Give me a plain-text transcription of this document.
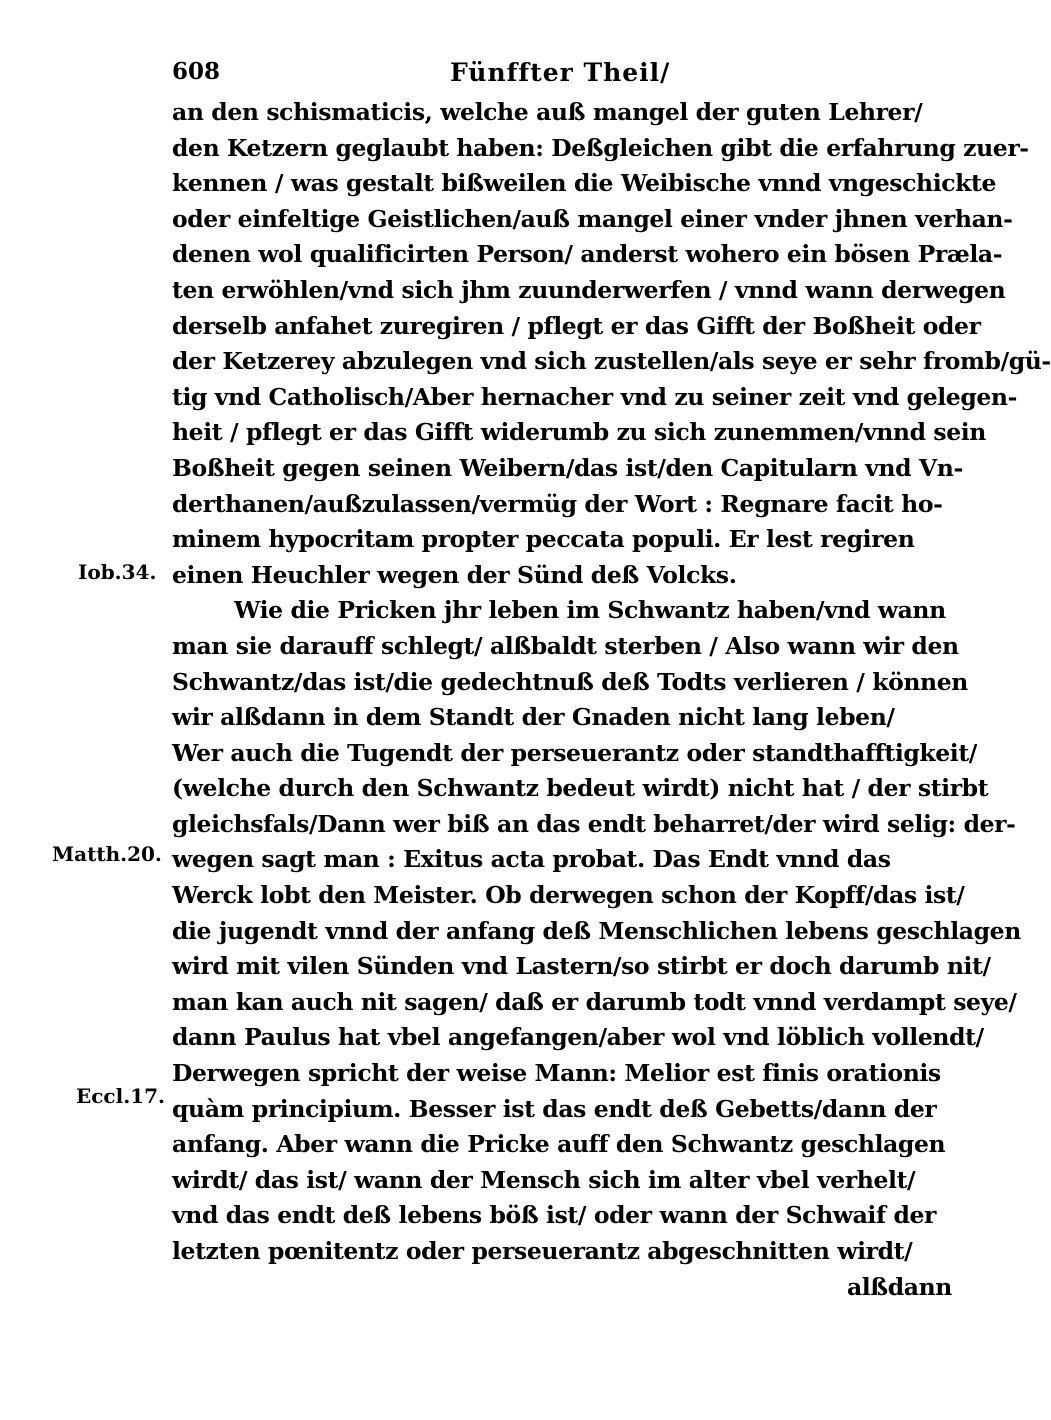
608	Fünffter Theil/
an den schismaticis, welche auß mangel der guten Lehrer/
den Ketzern geglaubt haben: Deßgleichen gibt die erfahrung zuer-
kennen / was gestalt bißweilen die Weibische vnnd vngeschickte
oder einfeltige Geistlichen/auß mangel einer vnder jhnen verhan-
denen wol qualificirten Person/ anderst wohero ein bösen Præla-
ten erwöhlen/vnd sich jhm zuunderwerfen / vnnd wann derwegen
derselb anfahet zuregiren / pflegt er das Gifft der Boßheit oder
der Ketzerey abzulegen vnd sich zustellen/als seye er sehr fromb/gü-
tig vnd Catholisch/Aber hernacher vnd zu seiner zeit vnd gelegen-
heit / pflegt er das Gifft widerumb zu sich zunemmen/vnnd sein
Boßheit gegen seinen Weibern/das ist/den Capitularn vnd Vn-
derthanen/außzulassen/vermüg der Wort : Regnare facit ho-
minem hypocritam propter peccata populi. Er lest regiren
einen Heuchler wegen der Sünd deß Volcks.
Wie die Pricken jhr leben im Schwantz haben/vnd wann
man sie darauff schlegt/ alßbaldt sterben / Also wann wir den
Schwantz/das ist/die gedechtnuß deß Todts verlieren / können
wir alßdann in dem Standt der Gnaden nicht lang leben/
Wer auch die Tugendt der perseuerantz oder standthafftigkeit/
(welche durch den Schwantz bedeut wirdt) nicht hat / der stirbt
gleichsfals/Dann wer biß an das endt beharret/der wird selig: der-
wegen sagt man : Exitus acta probat. Das Endt vnnd das
Werck lobt den Meister. Ob derwegen schon der Kopff/das ist/
die jugendt vnnd der anfang deß Menschlichen lebens geschlagen
wird mit vilen Sünden vnd Lastern/so stirbt er doch darumb nit/
man kan auch nit sagen/ daß er darumb todt vnnd verdampt seye/
dann Paulus hat vbel angefangen/aber wol vnd löblich vollendt/
Derwegen spricht der weise Mann: Melior est finis orationis
quàm principium. Besser ist das endt deß Gebetts/dann der
anfang. Aber wann die Pricke auff den Schwantz geschlagen
wirdt/ das ist/ wann der Mensch sich im alter vbel verhelt/
vnd das endt deß lebens böß ist/ oder wann der Schwaif der
letzten pœnitentz oder perseuerantz abgeschnitten wirdt/
alßdann
Iob.34.
Matth.20.
Eccl.17.
